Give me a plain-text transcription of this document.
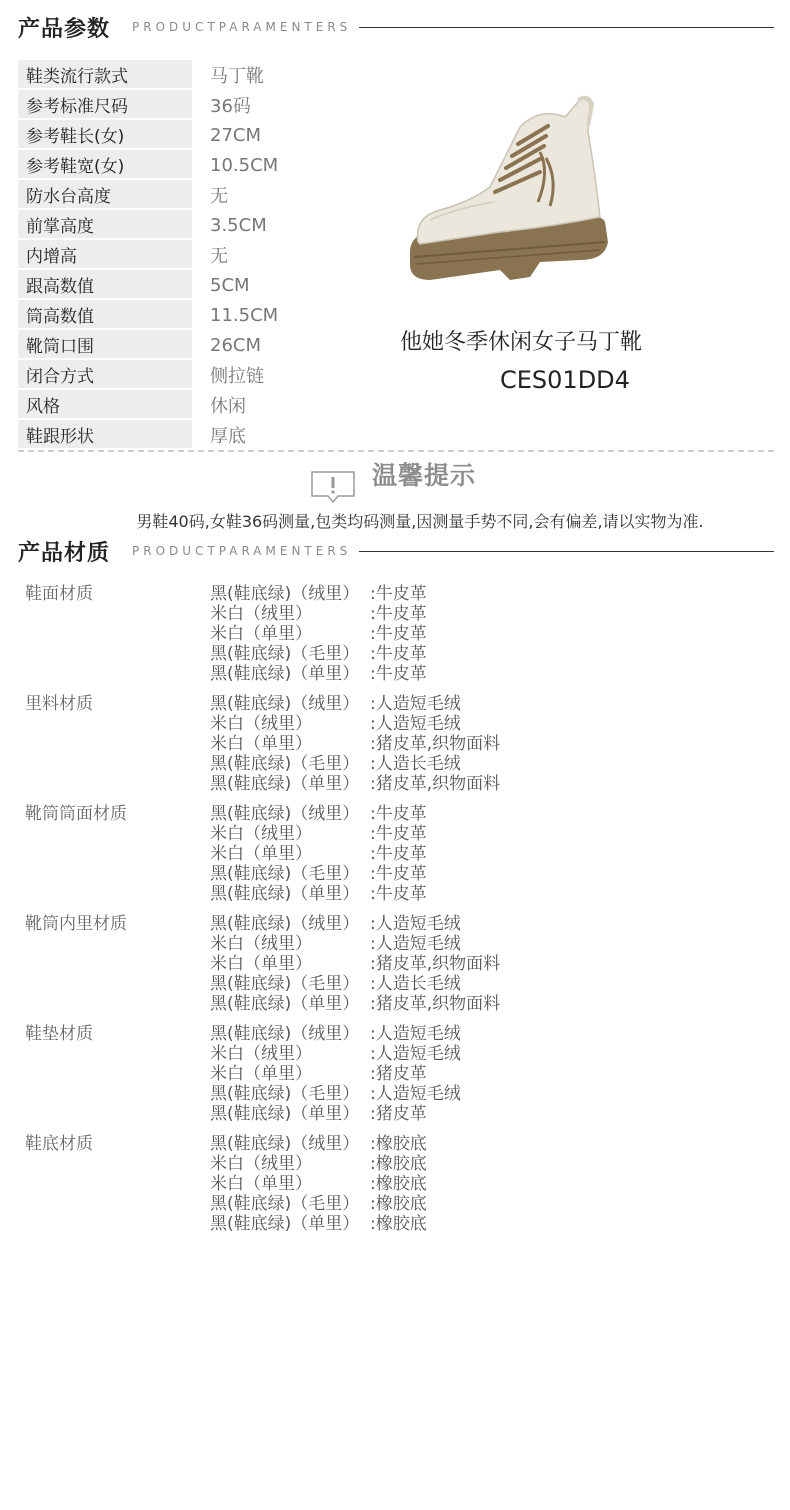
产品参数 PRODUCTPARAMENTERS
鞋类流行款式	马丁靴
参考标准尺码	36码
参考鞋长(女)	27CM
参考鞋宽(女)	10.5CM
防水台高度	无
前掌高度	3.5CM
内增高	无
跟高数值	5CM
筒高数值	11.5CM
靴筒口围	26CM
闭合方式	侧拉链
风格	休闲
鞋跟形状	厚底
他她冬季休闲女子马丁靴
CES01DD4
温馨提示
男鞋40码,女鞋36码测量,包类均码测量,因测量手势不同,会有偏差,请以实物为准.
产品材质 PRODUCTPARAMENTERS
鞋面材质	黑(鞋底绿)（绒里） :牛皮革
米白（绒里）	:牛皮革
米白（单里）	:牛皮革
黑(鞋底绿)（毛里） :牛皮革
黑(鞋底绿)（单里） :牛皮革
里料材质	黑(鞋底绿)（绒里） :人造短毛绒
米白（绒里）	:人造短毛绒
米白（单里）	:猪皮革,织物面料
黑(鞋底绿)（毛里） :人造长毛绒
黑(鞋底绿)（单里） :猪皮革,织物面料
靴筒筒面材质	黑(鞋底绿)（绒里） :牛皮革
米白（绒里）	:牛皮革
米白（单里）	:牛皮革
黑(鞋底绿)（毛里） :牛皮革
黑(鞋底绿)（单里） :牛皮革
靴筒内里材质	黑(鞋底绿)（绒里） :人造短毛绒
米白（绒里）	:人造短毛绒
米白（单里）	:猪皮革,织物面料
黑(鞋底绿)（毛里） :人造长毛绒
黑(鞋底绿)（单里） :猪皮革,织物面料
鞋垫材质	黑(鞋底绿)（绒里） :人造短毛绒
米白（绒里）	:人造短毛绒
米白（单里）	:猪皮革
黑(鞋底绿)（毛里） :人造短毛绒
黑(鞋底绿)（单里） :猪皮革
鞋底材质	黑(鞋底绿)（绒里） :橡胶底
米白（绒里）	:橡胶底
米白（单里）	:橡胶底
黑(鞋底绿)（毛里） :橡胶底
黑(鞋底绿)（单里） :橡胶底
